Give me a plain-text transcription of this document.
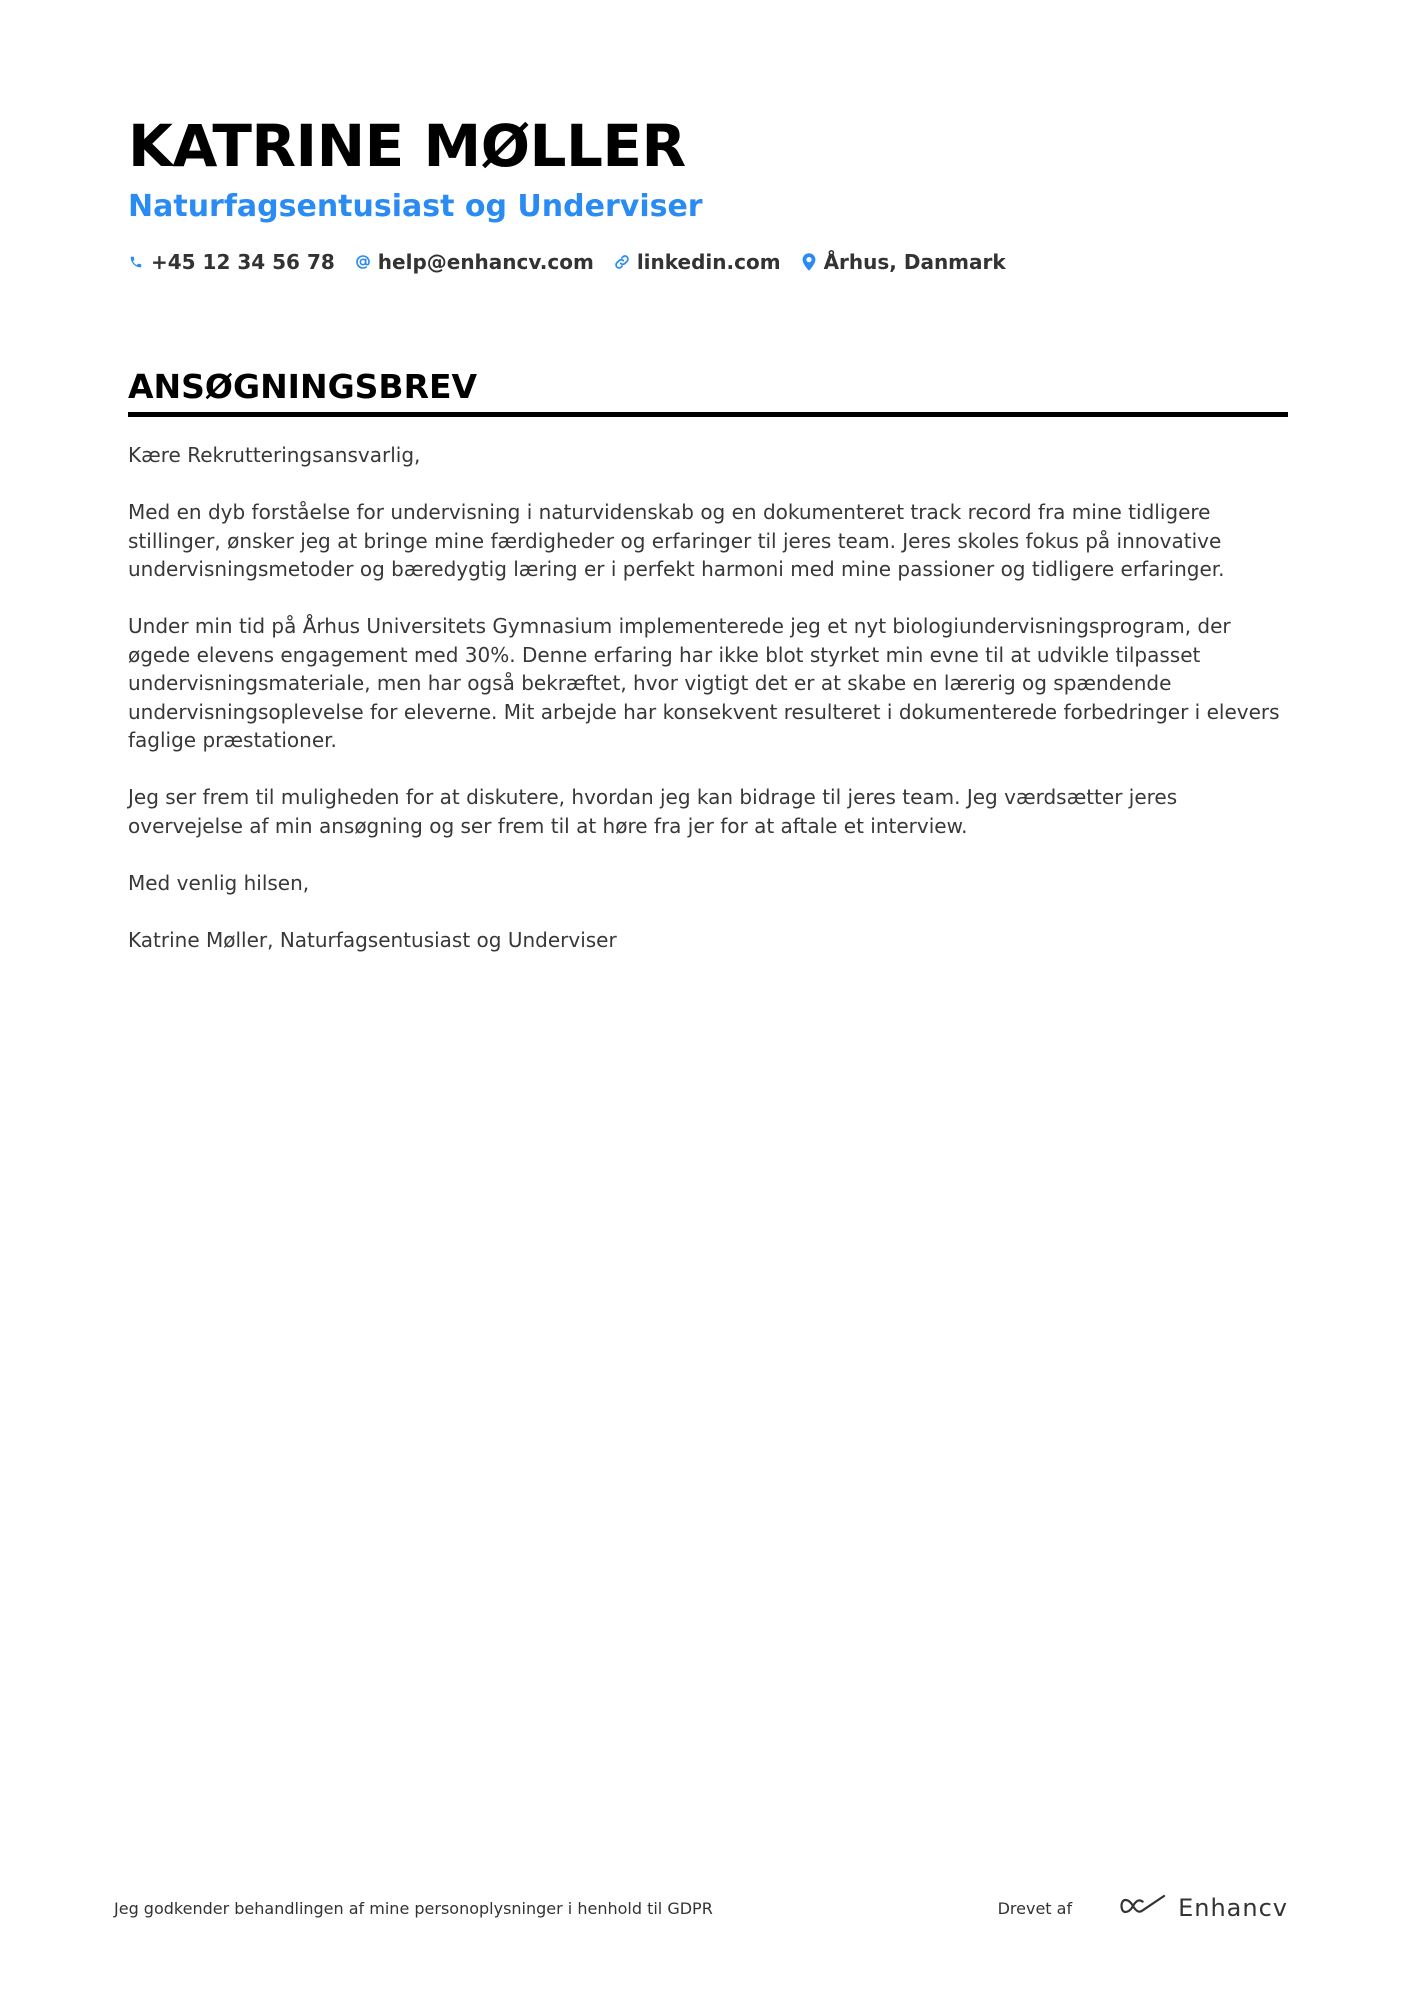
KATRINE MØLLER
Naturfagsentusiast og Underviser
+45 12 34 56 78 help@enhancv.com linkedin.com Århus, Danmark
ANSØGNINGSBREV

Kære Rekrutteringsansvarlig,

Med en dyb forståelse for undervisning i naturvidenskab og en dokumenteret track record fra mine tidligere stillinger, ønsker jeg at bringe mine færdigheder og erfaringer til jeres team. Jeres skoles fokus på innovative undervisningsmetoder og bæredygtig læring er i perfekt harmoni med mine passioner og tidligere erfaringer.

Under min tid på Århus Universitets Gymnasium implementerede jeg et nyt biologiundervisningsprogram, der øgede elevens engagement med 30%. Denne erfaring har ikke blot styrket min evne til at udvikle tilpasset undervisningsmateriale, men har også bekræftet, hvor vigtigt det er at skabe en lærerig og spændende undervisningsoplevelse for eleverne. Mit arbejde har konsekvent resulteret i dokumenterede forbedringer i elevers faglige præstationer.

Jeg ser frem til muligheden for at diskutere, hvordan jeg kan bidrage til jeres team. Jeg værdsætter jeres overvejelse af min ansøgning og ser frem til at høre fra jer for at aftale et interview.

Med venlig hilsen,

Katrine Møller, Naturfagsentusiast og Underviser

Jeg godkender behandlingen af mine personoplysninger i henhold til GDPR	Drevet af	Enhancv
